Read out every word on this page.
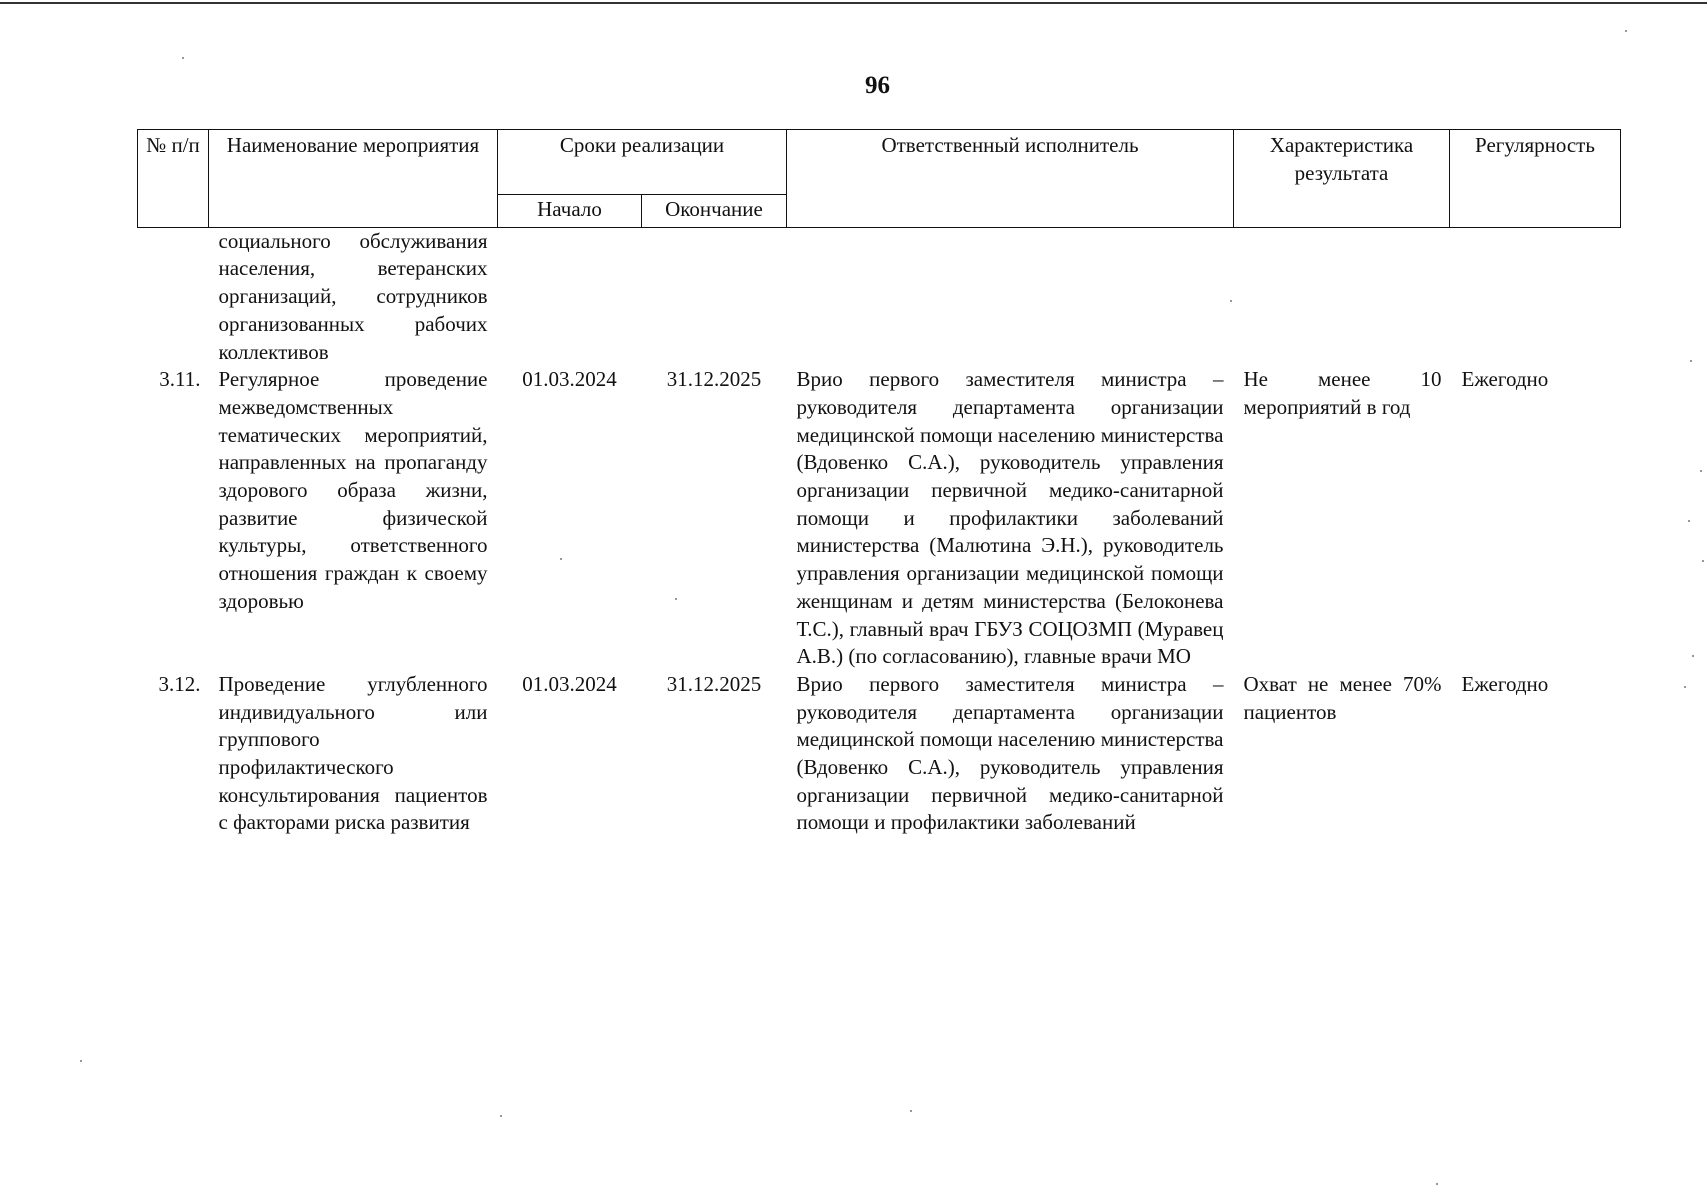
96
№ п/п	Наименование мероприятия	Сроки реализации		Ответственный исполнитель	Характеристика результата	Регулярность
		Начало	Окончание			
	социального обслуживания населения, ветеранских организаций, сотрудников организованных рабочих коллективов					
3.11.	Регулярное проведение межведомственных тематических мероприятий, направленных на пропаганду здорового образа жизни, развитие физической культуры, ответственного отношения граждан к своему здоровью	01.03.2024	31.12.2025	Врио первого заместителя министра – руководителя департамента организации медицинской помощи населению министерства (Вдовенко С.А.), руководитель управления организации первичной медико-санитарной помощи и профилактики заболеваний министерства (Малютина Э.Н.), руководитель управления организации медицинской помощи женщинам и детям министерства (Белоконева Т.С.), главный врач ГБУЗ СОЦОЗМП (Муравец А.В.) (по согласованию), главные врачи МО	Не менее 10 мероприятий в год	Ежегодно
3.12.	Проведение углубленного индивидуального или группового профилактического консультирования пациентов с факторами риска развития	01.03.2024	31.12.2025	Врио первого заместителя министра – руководителя департамента организации медицинской помощи населению министерства (Вдовенко С.А.), руководитель управления организации первичной медико-санитарной помощи и профилактики заболеваний	Охват не менее 70% пациентов	Ежегодно
